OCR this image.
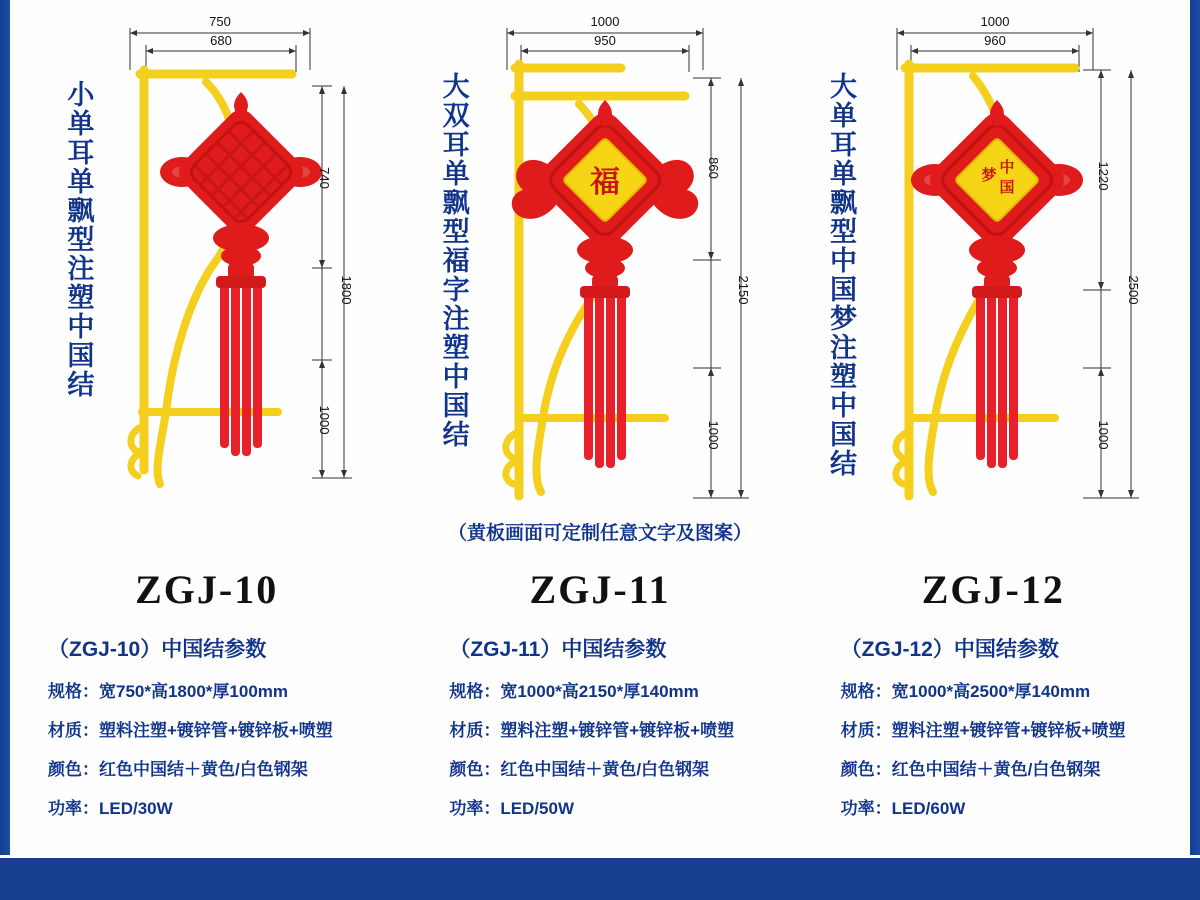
小单耳单飘型注塑中国结
750
680
740
1000
1800
ZGJ-10
（ZGJ-10）中国结参数
规格：宽750*高1800*厚100mm
材质：塑料注塑+镀锌管+镀锌板+喷塑
颜色：红色中国结＋黄色/白色钢架
功率：LED/30W
大双耳单飘型福字注塑中国结
1000
950
福	860
1000
2150
（黄板画面可定制任意文字及图案）
ZGJ-11
（ZGJ-11）中国结参数
规格：宽1000*高2150*厚140mm
材质：塑料注塑+镀锌管+镀锌板+喷塑
颜色：红色中国结＋黄色/白色钢架
功率：LED/50W
大单耳单飘型中国梦注塑中国结
1000
960
中
梦
国	1220
1000
2500
ZGJ-12
（ZGJ-12）中国结参数
规格：宽1000*高2500*厚140mm
材质：塑料注塑+镀锌管+镀锌板+喷塑
颜色：红色中国结＋黄色/白色钢架
功率：LED/60W
